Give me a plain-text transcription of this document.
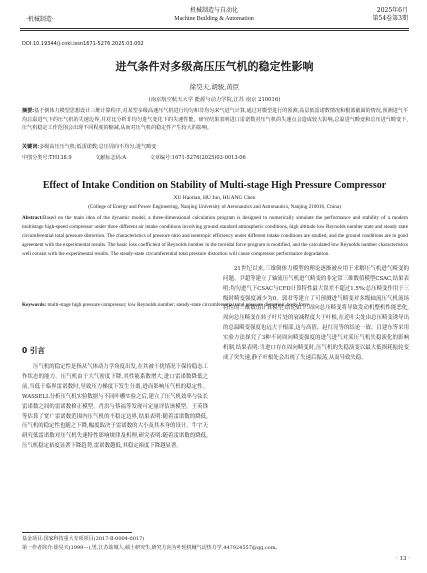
·机械制造·
机械制造与自动化
Machine Building & Automation
2025年6月
第54卷第3期
DOI:10.19344/j.cnki.issn1671-5276.2025.03.002
进气条件对多级高压压气机的稳定性影响
徐昊天,胡骏,黄臣
(南京航空航天大学 能源与动力学院,江苏 南京 210016)
摘要:基于倒体力模型思想设计三维计算程序,对某型多级高速压气机进行均匀和非均匀来气进气计算,通过对模型进行的预测,高层低雷诺数情况和根部截面的情况,预测进气平均总温进气下的压气机的失速边界,并对比分析非均匀进气变化下的失速性能。研究结果表明进口雷诺数对压气机的失速点会造成较大影响,总温进气畸变和总压进气畸变下,压气机稳定工作范围会出现不同程度的缩减,从而对压气机的稳定性产生较大的影响。
关键词:多级高压压气机;低雷诺数;总压周向不均匀;进气畸变
中图分类号:TH138.9	文献标志码:A	文章编号:1671-5276(2025)03-0013-06
Effect of Intake Condition on Stability of Multi-stage High Pressure Compressor
XU Haotian, HU Jun, HUANG Chen
(College of Energy and Power Engineering, Nanjing University of Aeronautics and Astronautics, Nanjing 210016, China)
Abstract:Based on the main idea of the dynamic model, a three-dimensional calculation program is designed to numerically simulate the performance and stability of a modern multistage high-speed compressor under three different air intake conditions involving ground standard atmospheric conditions, high altitude low Reynolds number state and steady state circumferential total pressure distortion. The characteristics of pressure ratio and isentropic efficiency under different intake conditions are studied, and the ground conditions are in good agreement with the experimental results. The basic loss coefficient of Reynolds number in the toroidal force program is modified, and the calculated low Reynolds number characteristics well consist with the experimental results. The steady-state circumferential total pressure distortion will cause compressor performance degradation.
Keywords: multi-stage high pressure compressor; low Reynolds number; steady-state circumferential total pressure distortion; body force
0 引言
压气机的稳定性是指从气体动力学角度出发,在其被干扰情况下保持稳态工作状态的能力。压气机由于大气密度下降,其性能系数增大,进口雷诺数降低之前,当低于临界雷诺数时,导致压力梯度下发生分离,进而影响压气机的稳定性。WASSELL分析压气机实验数据与不同叶栅实验之后,建立了压气机效率与弦长雷诺数之间的雷诺数修正模型。肖洪与蔡福等发现可定量评估该模型。王英锋等估算了宽广雷诺数范围内压气机的不稳定边界,结果表明:随着雷诺数的降低,压气机的稳定性也随之下降,幅度取决于雷诺数的大小及其本身的设计。牛宇天研究低雷诺数对压气机失速特性影响规律及机理,研究表明:随着雷诺数的降低,压气机稳定裕度显著下降趋势,雷诺数越低,其稳定裕度下降越显著。
21世纪以来,三维倒体力模型的理论逐渐被应用于求解压气机进气畸变的问题。尹超等建立了轴流压气机进气畸变的非定常三维数值模型CSAC,结果表明:均匀进气下CSAC与CFD计算特性最大误差不超过1.5%;总压畸变作用于三级时畸变强度减少为0。郭君等建立了可预测进气畸变对多级轴流压气机流场特性的三维数值计算模型,结论如下:周向总压畸变将导致发动机整机性能恶化,周向总压畸变在转子叶片处的衰减程度大于叶根,在近叶尖处由总压畸变诱导出的总温畸变强度也远大于根部,这与高倩、赵红亮等的结论一致。目建东等采用实验方法探究了3种不同周向畸变强度的进气进气对某压气机失稳演化的影响机制,结果表明:当进口存在周向畸变时,压气机的失稳演变以最大低损耗振轮变成了突失速,静子叶根处会出现了失速后振荡,从而导致失稳。
基金项目:国家科技重大专项项目(2017-Ⅱ-0004-0017)
第一作者简介:徐昊天(1999—),男,江苏盐城人,硕士研究生,研究方向为叶轮机械气动热力学,447924557@qq.com。
· 13 ·
